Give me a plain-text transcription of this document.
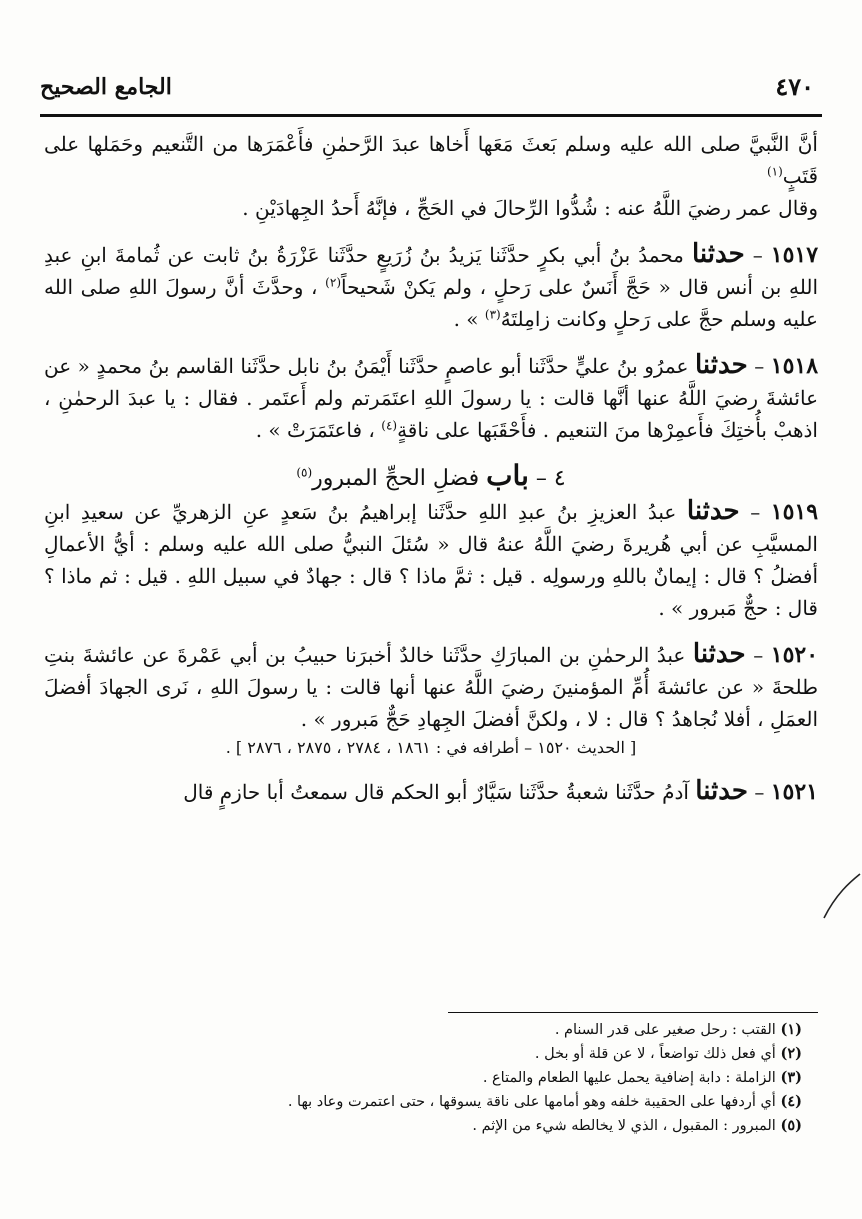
٤٧٠
الجامع الصحيح

أنَّ النَّبيَّ صلى الله عليه وسلم بَعثَ مَعَها أَخاها عبدَ الرَّحمٰنِ فأَعْمَرَها من التَّنعيم وحَمَلها على قَتَبٍ$^{(١)}$

وقال عمر رضيَ اللَّهُ عنه : شُدُّوا الرِّحالَ في الحَجِّ ، فإنَّهُ أَحدُ الجِهادَيْنِ .

١٥١٧ – حدثنا محمدُ بنُ أبي بكرٍ حدَّثَنا يَزيدُ بنُ زُرَيعٍ حدَّثَنا عَزْرَةُ بنُ ثابت عن ثُمامةَ ابنِ عبدِ اللهِ بن أنس قال « حَجَّ أَنَسٌ على رَحلٍ ، ولم يَكنْ شَحيحاً$^{(٢)}$ ، وحدَّثَ أنَّ رسولَ اللهِ صلى الله عليه وسلم حجَّ على رَحلٍ وكانت زامِلتَهُ$^{(٣)}$ » .

١٥١٨ – حدثنا عمرُو بنُ عليٍّ حدَّثَنا أبو عاصمٍ حدَّثَنا أَيْمَنُ بنُ نابل حدَّثَنا القاسم بنُ محمدٍ « عن عائشةَ رضيَ اللَّهُ عنها أنَّها قالت : يا رسولَ اللهِ اعتَمَرتم ولم أَعتَمر . فقال : يا عبدَ الرحمٰنِ ، اذهبْ بأُختِكَ فأَعمِرْها منَ التنعيم . فأَحْقَبَها على ناقةٍ$^{(٤)}$ ، فاعتَمَرَتْ » .

٤ – باب فضلِ الحجِّ المبرور$^{(٥)}$

١٥١٩ – حدثنا عبدُ العزيزِ بنُ عبدِ اللهِ حدَّثَنا إبراهيمُ بنُ سَعدٍ عنِ الزهريِّ عن سعيدِ ابنِ المسيَّبِ عن أبي هُريرةَ رضيَ اللَّهُ عنهُ قال « سُئلَ النبيُّ صلى الله عليه وسلم : أيُّ الأعمالِ أفضلُ ؟ قال : إيمانٌ باللهِ ورسولِه . قيل : ثمَّ ماذا ؟ قال : جهادٌ في سبيل اللهِ . قيل : ثم ماذا ؟ قال : حجٌّ مَبرور » .

١٥٢٠ – حدثنا عبدُ الرحمٰنِ بن المبارَكِ حدَّثَنا خالدٌ أخبرَنا حبيبُ بن أبي عَمْرةَ عن عائشةَ بنتِ طلحةَ « عن عائشةَ أُمِّ المؤمنينَ رضيَ اللَّهُ عنها أنها قالت : يا رسولَ اللهِ ، نَرى الجهادَ أفضلَ العمَلِ ، أفلا نُجاهدُ ؟ قال : لا ، ولكنَّ أفضلَ الجِهادِ حَجٌّ مَبرور » .

[ الحديث ١٥٢٠ – أطرافه في : ١٨٦١ ، ٢٧٨٤ ، ٢٨٧٥ ، ٢٨٧٦ ] .

١٥٢١ – حدثنا آدمُ حدَّثَنا شعبةُ حدَّثَنا سَيَّارٌ أبو الحكم قال سمعتُ أبا حازمٍ قال

(١) القتب : رحل صغير على قدر السنام .

(٢) أي فعل ذلك تواضعاً ، لا عن قلة أو بخل .

(٣) الزاملة : دابة إضافية يحمل عليها الطعام والمتاع .

(٤) أي أردفها على الحقيبة خلفه وهو أمامها على ناقة يسوقها ، حتى اعتمرت وعاد بها .

(٥) المبرور : المقبول ، الذي لا يخالطه شيء من الإثم .
